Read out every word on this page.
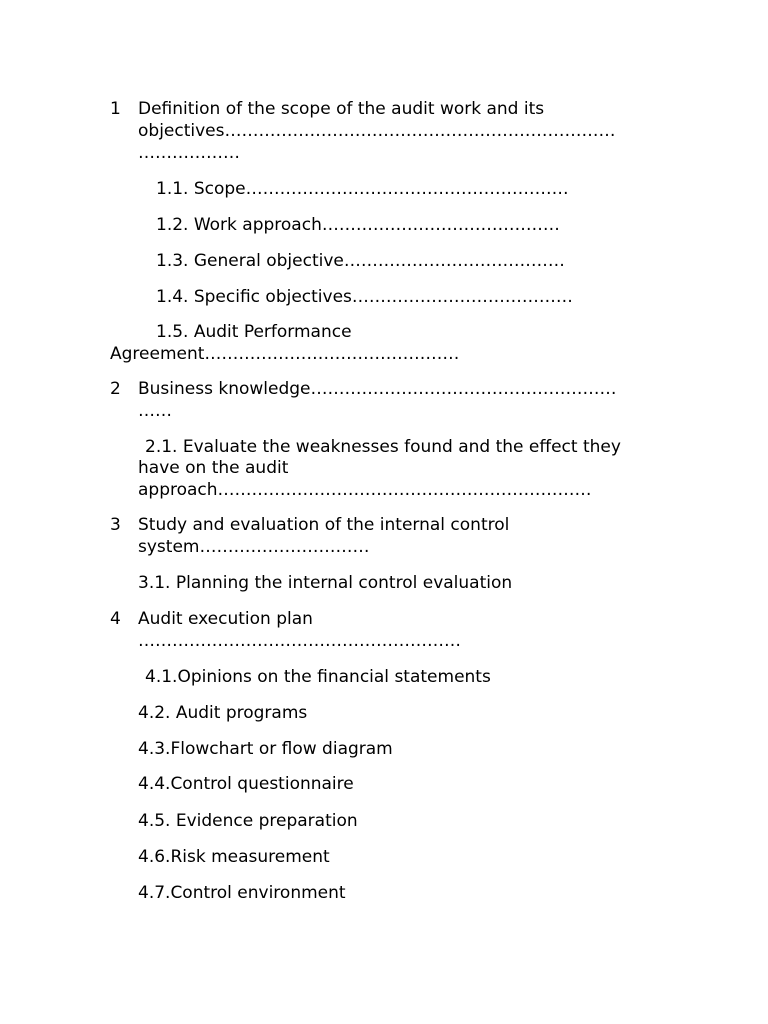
1 Definition of the scope of the audit work and its

objectives……………………………………………………………

………………

1.1. Scope…………………………………………………

1.2. Work approach……………………………………

1.3. General objective…………………………………

1.4. Specific objectives…………………………………

1.5. Audit Performance

Agreement………………………………………

2 Business knowledge………………………………………………

……

2.1. Evaluate the weaknesses found and the effect they

have on the audit

approach…………………………………………………………

3 Study and evaluation of the internal control

system…………………………

3.1. Planning the internal control evaluation

4 Audit execution plan

…………………………………………………

4.1.Opinions on the financial statements

4.2. Audit programs

4.3.Flowchart or flow diagram

4.4.Control questionnaire

4.5. Evidence preparation

4.6.Risk measurement

4.7.Control environment
